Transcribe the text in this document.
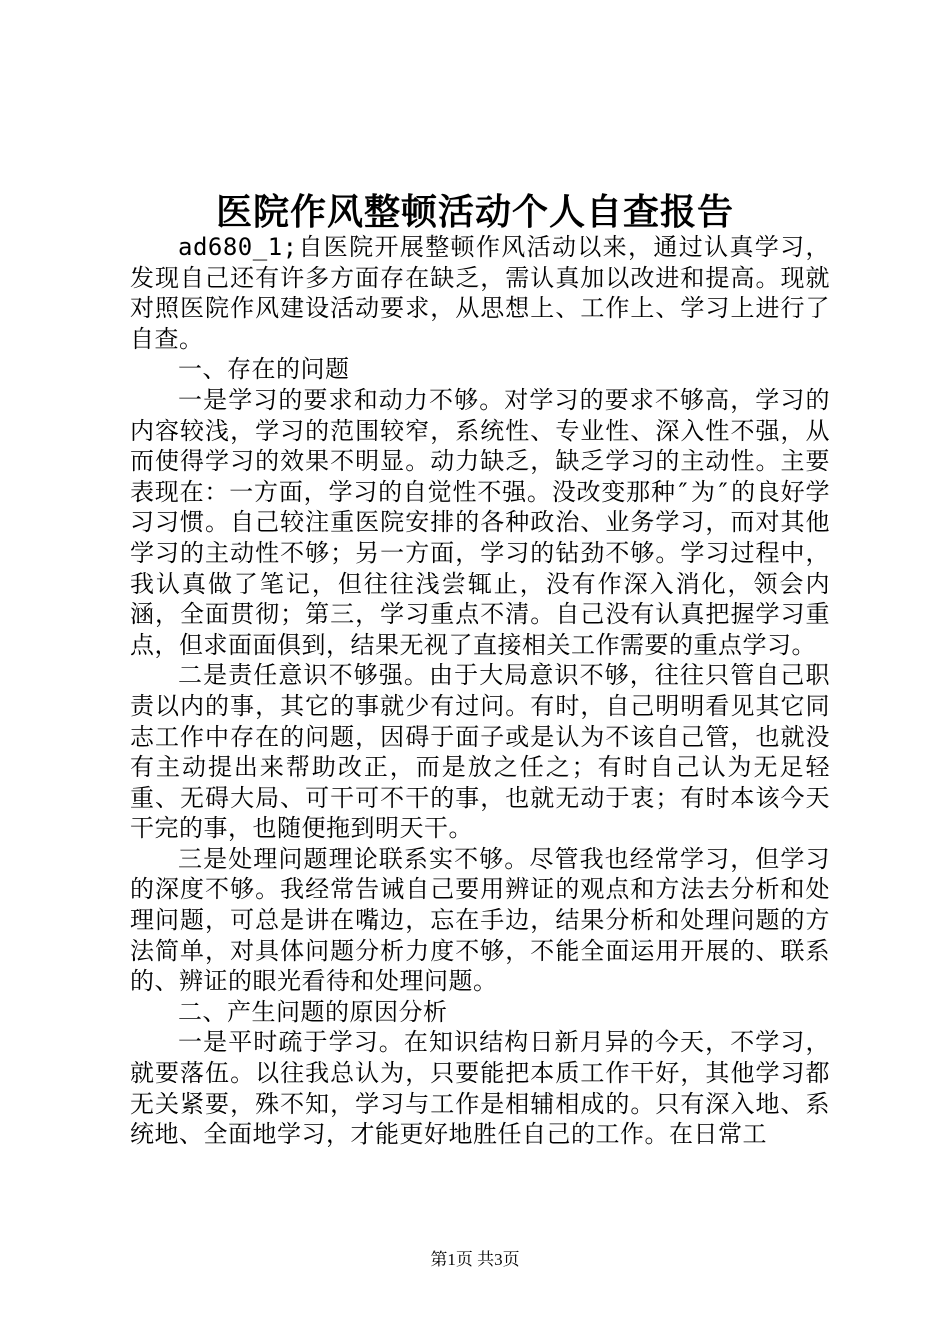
医院作风整顿活动个人自查报告

ad680_1;自医院开展整顿作风活动以来，通过认真学习，发现自己还有许多方面存在缺乏，需认真加以改进和提高。现就对照医院作风建设活动要求，从思想上、工作上、学习上进行了自查。

一、存在的问题

一是学习的要求和动力不够。对学习的要求不够高，学习的内容较浅，学习的范围较窄，系统性、专业性、深入性不强，从而使得学习的效果不明显。动力缺乏，缺乏学习的主动性。主要表现在：一方面，学习的自觉性不强。没改变那种″为″的良好学习习惯。自己较注重医院安排的各种政治、业务学习，而对其他学习的主动性不够；另一方面，学习的钻劲不够。学习过程中，我认真做了笔记，但往往浅尝辄止，没有作深入消化，领会内涵，全面贯彻；第三，学习重点不清。自己没有认真把握学习重点，但求面面俱到，结果无视了直接相关工作需要的重点学习。

二是责任意识不够强。由于大局意识不够，往往只管自己职责以内的事，其它的事就少有过问。有时，自己明明看见其它同志工作中存在的问题，因碍于面子或是认为不该自己管，也就没有主动提出来帮助改正，而是放之任之；有时自己认为无足轻重、无碍大局、可干可不干的事，也就无动于衷；有时本该今天干完的事，也随便拖到明天干。

三是处理问题理论联系实不够。尽管我也经常学习，但学习的深度不够。我经常告诫自己要用辨证的观点和方法去分析和处理问题，可总是讲在嘴边，忘在手边，结果分析和处理问题的方法简单，对具体问题分析力度不够，不能全面运用开展的、联系的、辨证的眼光看待和处理问题。

二、产生问题的原因分析

一是平时疏于学习。在知识结构日新月异的今天，不学习，就要落伍。以往我总认为，只要能把本质工作干好，其他学习都无关紧要，殊不知，学习与工作是相辅相成的。只有深入地、系统地、全面地学习，才能更好地胜任自己的工作。在日常工

第1页 共3页
